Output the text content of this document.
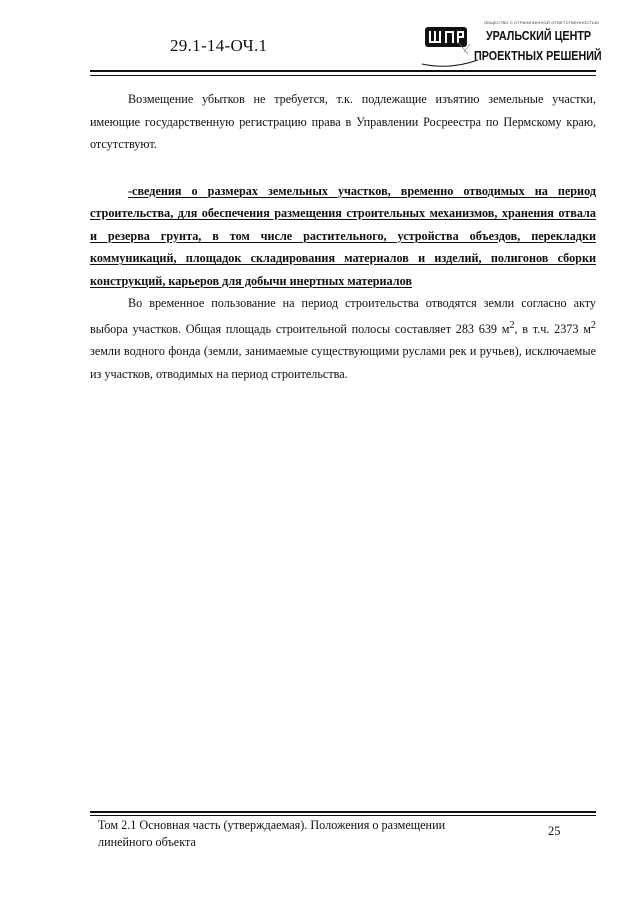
29.1-14-ОЧ.1
ОБЩЕСТВО С ОГРАНИЧЕННОЙ ОТВЕТСТВЕННОСТЬЮ
УРАЛЬСКИЙ ЦЕНТР
ПРОЕКТНЫХ РЕШЕНИЙ

Возмещение убытков не требуется, т.к. подлежащие изъятию земельные участки, имеющие государственную регистрацию права в Управлении Росреестра по Пермскому краю, отсутствуют.

-сведения о размерах земельных участков, временно отводимых на период строительства, для обеспечения размещения строительных механизмов, хранения отвала и резерва грунта, в том числе растительного, устройства объездов, перекладки коммуникаций, площадок складирования материалов и изделий, полигонов сборки конструкций, карьеров для добычи инертных материалов

Во временное пользование на период строительства отводятся земли согласно акту выбора участков. Общая площадь строительной полосы составляет 283 639 $м^2$, в т.ч. 2373 $м^2$ земли водного фонда (земли, занимаемые существующими руслами рек и ручьев), исключаемые из участков, отводимых на период строительства.

Том 2.1 Основная часть (утверждаемая). Положения о размещении линейного объекта
25
